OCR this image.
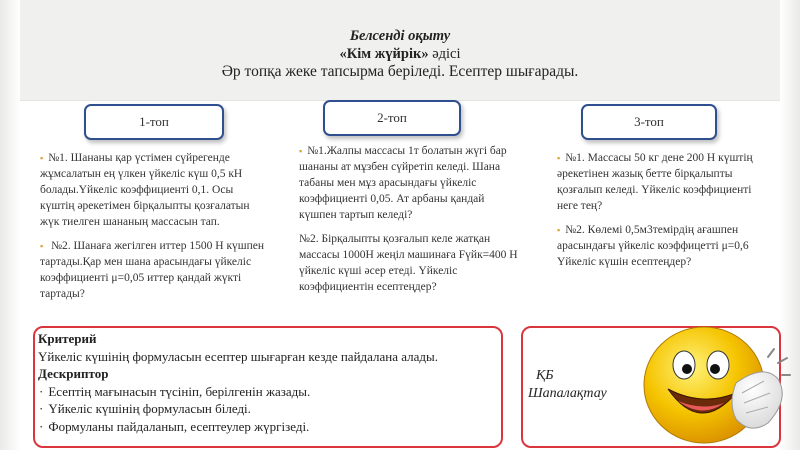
Белсенді оқыту
«Кім жүйрік» әдісі
Әр топқа жеке тапсырма беріледі. Есептер шығарады.
1-топ	2-топ	3-топ

▪ №1. Шананы қар үстімен сүйрегенде жұмсалатын ең үлкен үйкеліс күш 0,5 кН болады.Үйкеліс коэффициенті 0,1. Осы күштің әрекетімен бірқалыпты қозғалатын жүк тиелген шананың массасын тап.

▪ №2. Шанаға жегілген иттер 1500 Н күшпен тартады.Қар мен шана арасындағы үйкеліс коэффициенті μ=0,05 иттер қандай жүкті тартады?

▪ №1.Жалпы массасы 1т болатын жүгі бар шананы ат мұзбен сүйретіп келеді. Шана табаны мен мұз арасындағы үйкеліс коэффициенті 0,05. Ат арбаны қандай күшпен тартып келеді?

№2. Бірқалыпты қозғалып келе жатқан массасы 1000Н жеңіл машинаға Fүйк=400 Н үйкеліс күші әсер етеді. Үйкеліс коэффициентін есептеңдер?

▪ №1. Массасы 50 кг дене 200 Н күштің әрекетінен жазық бетте бірқалыпты қозғалып келеді. Үйкеліс коэффициенті неге тең?

▪ №2. Көлемі 0,5м3темірдің ағашпен арасындағы үйкеліс коэффицетті μ=0,6 Үйкеліс күшін есептеңдер?

Критерий
Үйкеліс күшінің формуласын есептер шығарған кезде пайдалана алады.
Дескриптор
· Есептің мағынасын түсініп, берілгенін жазады.
· Үйкеліс күшінің формуласын біледі.
· Формуланы пайдаланып, есептеулер жүргізеді.
ҚБ
Шапалақтау
